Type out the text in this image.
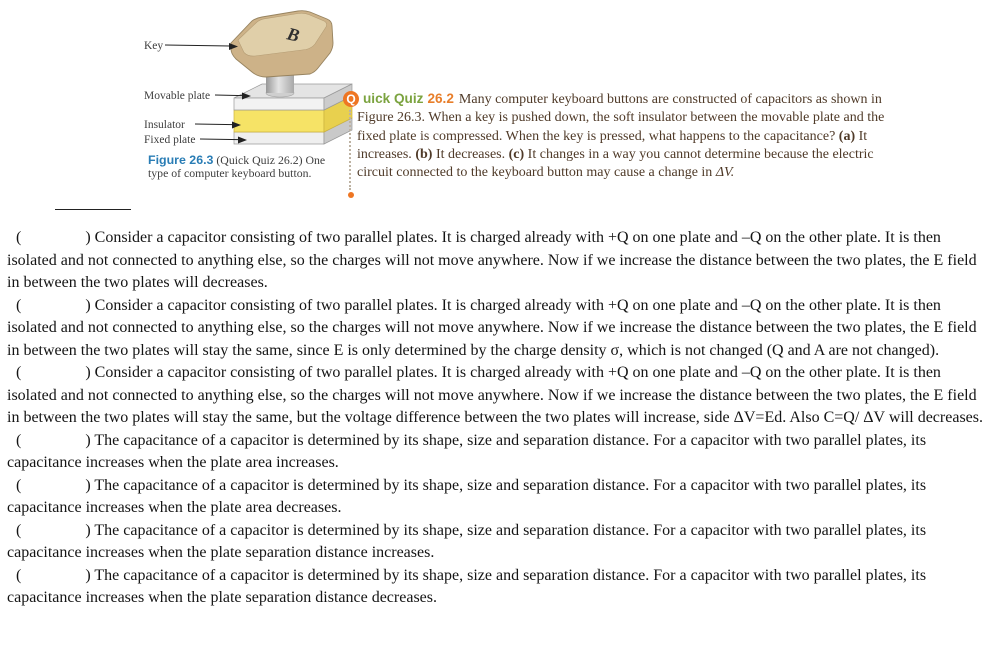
B
Key
Movable plate
Insulator
Fixed plate
Figure 26.3 (Quick Quiz 26.2) One type of computer keyboard button.
Q uick Quiz 26.2 Many computer keyboard buttons are constructed of capacitors as shown in Figure 26.3. When a key is pushed down, the soft insulator between the movable plate and the fixed plate is compressed. When the key is pressed, what happens to the capacitance? (a) It increases. (b) It decreases. (c) It changes in a way you cannot determine because the electric circuit connected to the keyboard button may cause a change in ΔV.

(                ) Consider a capacitor consisting of two parallel plates. It is charged already with +Q on one plate and –Q on the other plate. It is then isolated and not connected to anything else, so the charges will not move anywhere. Now if we increase the distance between the two plates, the E field in between the two plates will decreases.

(                ) Consider a capacitor consisting of two parallel plates. It is charged already with +Q on one plate and –Q on the other plate. It is then isolated and not connected to anything else, so the charges will not move anywhere. Now if we increase the distance between the two plates, the E field in between the two plates will stay the same, since E is only determined by the charge density σ, which is not changed (Q and A are not changed).

(                ) Consider a capacitor consisting of two parallel plates. It is charged already with +Q on one plate and –Q on the other plate. It is then isolated and not connected to anything else, so the charges will not move anywhere. Now if we increase the distance between the two plates, the E field in between the two plates will stay the same, but the voltage difference between the two plates will increase, side ΔV=Ed. Also C=Q/ ΔV will decreases.

(                ) The capacitance of a capacitor is determined by its shape, size and separation distance. For a capacitor with two parallel plates, its capacitance increases when the plate area increases.

(                ) The capacitance of a capacitor is determined by its shape, size and separation distance. For a capacitor with two parallel plates, its capacitance increases when the plate area decreases.

(                ) The capacitance of a capacitor is determined by its shape, size and separation distance. For a capacitor with two parallel plates, its capacitance increases when the plate separation distance increases.

(                ) The capacitance of a capacitor is determined by its shape, size and separation distance. For a capacitor with two parallel plates, its capacitance increases when the plate separation distance decreases.
